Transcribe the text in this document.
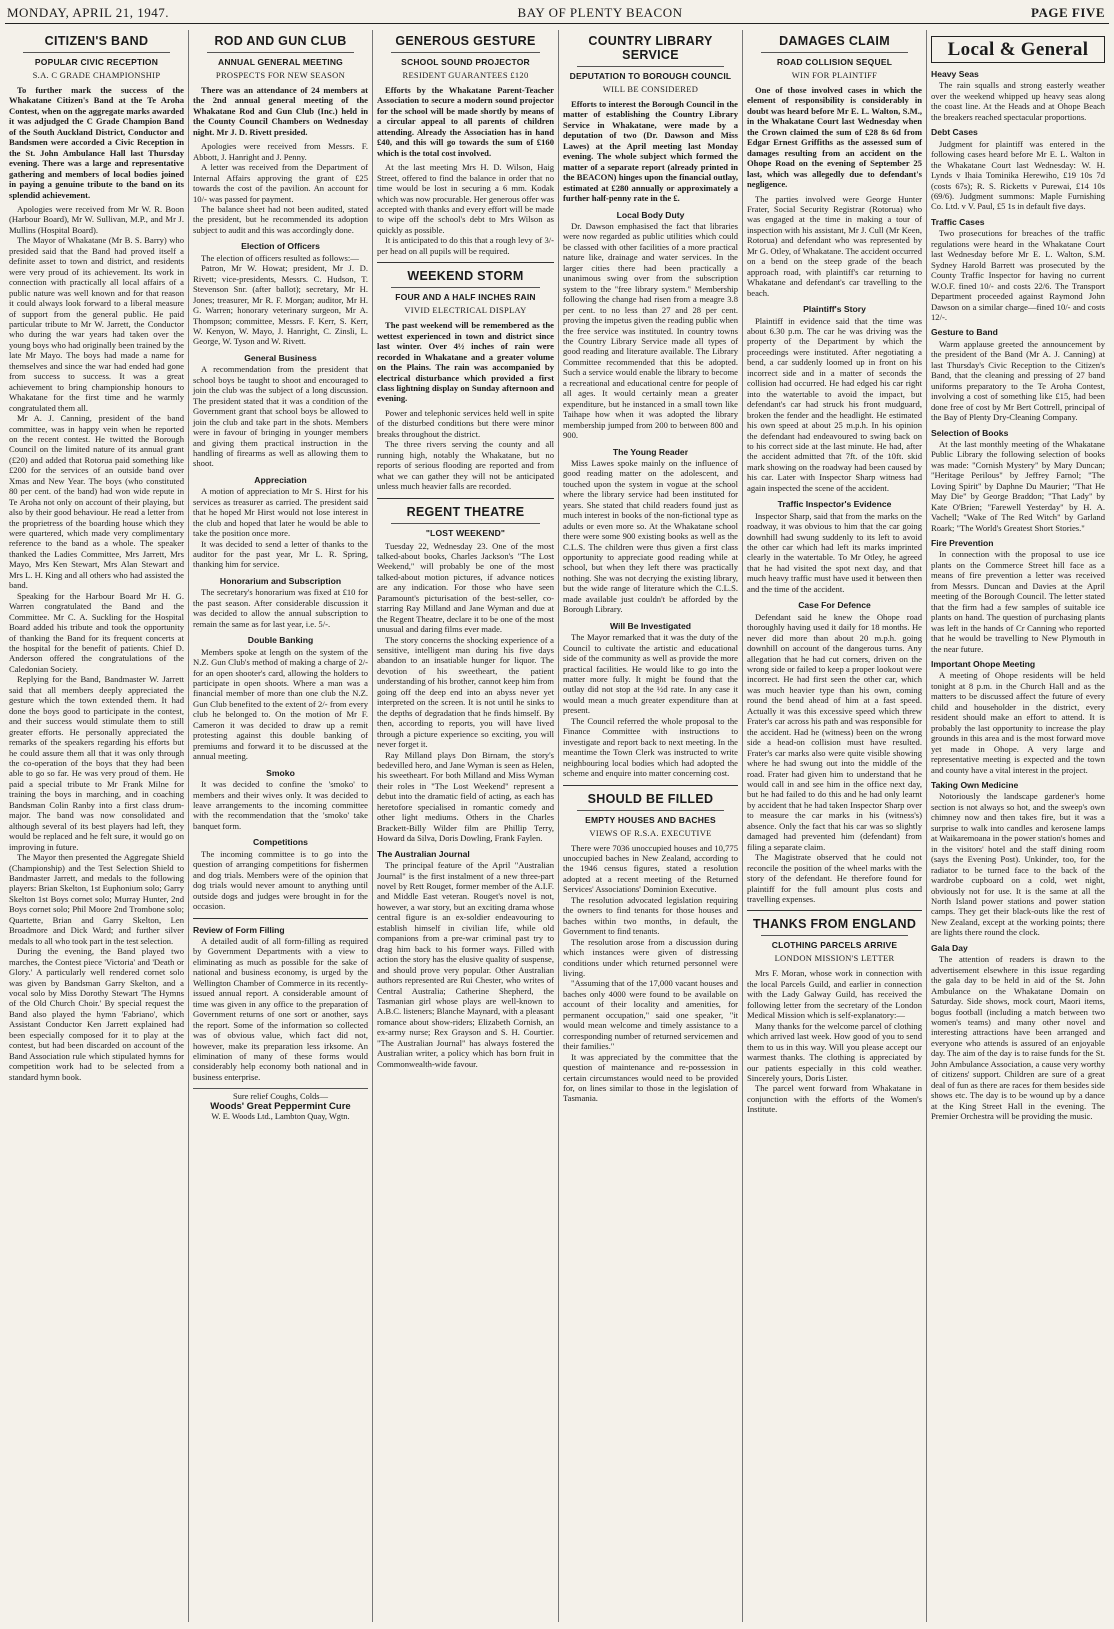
MONDAY, APRIL 21, 1947.	BAY OF PLENTY BEACON	PAGE FIVE
CITIZEN'S BAND
POPULAR CIVIC RECEPTION
S.A. C GRADE CHAMPIONSHIP
To further mark the success of the Whakatane Citizen's Band at the Te Aroha Contest, when on the aggregate marks awarded it was adjudged the C Grade Champion Band of the South Auckland District, Conductor and Bandsmen were accorded a Civic Reception in the St. John Ambulance Hall last Thursday evening. There was a large and representative gathering and members of local bodies joined in paying a genuine tribute to the band on its splendid achievement.
Apologies were received from Mr W. R. Boon (Harbour Board), Mr W. Sullivan, M.P., and Mr J. Mullins (Hospital Board).
The Mayor of Whakatane (Mr B. S. Barry) who presided said that the Band had proved itself a definite asset to town and district, and residents were very proud of its achievement. Its work in connection with practically all local affairs of a public nature was well known and for that reason it could always look forward to a liberal measure of support from the general public. He paid particular tribute to Mr W. Jarrett, the Conductor who during the war years had taken over the young boys who had originally been trained by the late Mr Mayo. The boys had made a name for themselves and since the war had ended had gone from success to success. It was a great achievement to bring championship honours to Whakatane for the first time and he warmly congratulated them all.
Mr A. J. Canning, president of the band committee, was in happy vein when he reported on the recent contest. He twitted the Borough Council on the limited nature of its annual grant (£20) and added that Rotorua paid something like £200 for the services of an outside band over Xmas and New Year. The boys (who constituted 80 per cent. of the band) had won wide repute in Te Aroha not only on account of their playing, but also by their good behaviour. He read a letter from the proprietress of the boarding house which they were quartered, which made very complimentary reference to the band as a whole. The speaker thanked the Ladies Committee, Mrs Jarrett, Mrs Mayo, Mrs Ken Stewart, Mrs Alan Stewart and Mrs L. H. King and all others who had assisted the band.
Speaking for the Harbour Board Mr H. G. Warren congratulated the Band and the Committee. Mr C. A. Suckling for the Hospital Board added his tribute and took the opportunity of thanking the Band for its frequent concerts at the hospital for the benefit of patients. Chief D. Anderson offered the congratulations of the Caledonian Society.
Replying for the Band, Bandmaster W. Jarrett said that all members deeply appreciated the gesture which the town extended them. It had done the boys good to participate in the contest, and their success would stimulate them to still greater efforts. He personally appreciated the remarks of the speakers regarding his efforts but he could assure them all that it was only through the co-operation of the boys that they had been able to go so far. He was very proud of them. He paid a special tribute to Mr Frank Milne for training the boys in marching, and in coaching Bandsman Colin Ranby into a first class drum-major. The band was now consolidated and although several of its best players had left, they would be replaced and he felt sure, it would go on improving in future.
The Mayor then presented the Aggregate Shield (Championship) and the Test Selection Shield to Bandmaster Jarrett, and medals to the following players: Brian Skelton, 1st Euphonium solo; Garry Skelton 1st Boys cornet solo; Murray Hunter, 2nd Boys cornet solo; Phil Moore 2nd Trombone solo; Quartette, Brian and Garry Skelton, Len Broadmore and Dick Ward; and further silver medals to all who took part in the test selection.
During the evening, the Band played two marches, the Contest piece 'Victoria' and 'Death or Glory.' A particularly well rendered cornet solo was given by Bandsman Garry Skelton, and a vocal solo by Miss Dorothy Stewart 'The Hymns of the Old Church Choir.' By special request the Band also played the hymn 'Fabriano', which Assistant Conductor Ken Jarrett explained had been especially composed for it to play at the contest, but had been discarded on account of the Band Association rule which stipulated hymns for competition work had to be selected from a standard hymn book.
ROD AND GUN CLUB
ANNUAL GENERAL MEETING
PROSPECTS FOR NEW SEASON
There was an attendance of 24 members at the 2nd annual general meeting of the Whakatane Rod and Gun Club (Inc.) held in the County Council Chambers on Wednesday night. Mr J. D. Rivett presided.
Apologies were received from Messrs. F. Abbott, J. Hanright and J. Penny.
A letter was received from the Department of Internal Affairs approving the grant of £25 towards the cost of the pavilion. An account for 10/- was passed for payment.
The balance sheet had not been audited, stated the president, but he recommended its adoption subject to audit and this was accordingly done.
Election of Officers
The election of officers resulted as follows:—
Patron, Mr W. Howat; president, Mr J. D. Rivett; vice-presidents, Messrs. C. Hudson, T. Stevenson Snr. (after ballot); secretary, Mr H. Jones; treasurer, Mr R. F. Morgan; auditor, Mr H. G. Warren; honorary veterinary surgeon, Mr A. Thompson; committee, Messrs. F. Kerr, S. Kerr, W. Kenyon, W. Mayo, J. Hanright, C. Zinsli, L. George, W. Tyson and W. Rivett.
General Business
A recommendation from the president that school boys be taught to shoot and encouraged to join the club was the subject of a long discussion. The president stated that it was a condition of the Government grant that school boys be allowed to join the club and take part in the shots. Members were in favour of bringing in younger members and giving them practical instruction in the handling of firearms as well as allowing them to shoot.
Appreciation
A motion of appreciation to Mr S. Hirst for his services as treasurer as carried. The president said that he hoped Mr Hirst would not lose interest in the club and hoped that later he would be able to take the position once more.
It was decided to send a letter of thanks to the auditor for the past year, Mr L. R. Spring, thanking him for service.
Honorarium and Subscription
The secretary's honorarium was fixed at £10 for the past season. After considerable discussion it was decided to allow the annual subscription to remain the same as for last year, i.e. 5/-.
Double Banking
Members spoke at length on the system of the N.Z. Gun Club's method of making a charge of 2/- for an open shooter's card, allowing the holders to participate in open shoots. Where a man was a financial member of more than one club the N.Z. Gun Club benefited to the extent of 2/- from every club he belonged to. On the motion of Mr F. Cameron it was decided to draw up a remit protesting against this double banking of premiums and forward it to be discussed at the annual meeting.
Smoko
It was decided to confine the 'smoko' to members and their wives only. It was decided to leave arrangements to the incoming committee with the recommendation that the 'smoko' take banquet form.
Competitions
The incoming committee is to go into the question of arranging competitions for fishermen and dog trials. Members were of the opinion that dog trials would never amount to anything until outside dogs and judges were brought in for the occasion.
Review of Form Filling
A detailed audit of all form-filling as required by Government Departments with a view to eliminating as much as possible for the sake of national and business economy, is urged by the Wellington Chamber of Commerce in its recently-issued annual report. A considerable amount of time was given in any office to the preparation of Government returns of one sort or another, says the report. Some of the information so collected was of obvious value, which fact did not, however, make its preparation less irksome. An elimination of many of these forms would considerably help economy both national and in business enterprise.
Sure relief Coughs, Colds—
Woods' Great Peppermint Cure
W. E. Woods Ltd., Lambton Quay, Wgtn.
GENEROUS GESTURE
SCHOOL SOUND PROJECTOR
RESIDENT GUARANTEES £120
Efforts by the Whakatane Parent-Teacher Association to secure a modern sound projector for the school will be made shortly by means of a circular appeal to all parents of children attending. Already the Association has in hand £40, and this will go towards the sum of £160 which is the total cost involved.
At the last meeting Mrs H. D. Wilson, Haig Street, offered to find the balance in order that no time would be lost in securing a 6 mm. Kodak which was now procurable. Her generous offer was accepted with thanks and every effort will be made to wipe off the school's debt to Mrs Wilson as quickly as possible.
It is anticipated to do this that a rough levy of 3/- per head on all pupils will be required.
WEEKEND STORM
FOUR AND A HALF INCHES RAIN
VIVID ELECTRICAL DISPLAY
The past weekend will be remembered as the wettest experienced in town and district since last winter. Over 4½ inches of rain were recorded in Whakatane and a greater volume on the Plains. The rain was accompanied by electrical disturbance which provided a first class lightning display on Sunday afternoon and evening.
Power and telephonic services held well in spite of the disturbed conditions but there were minor breaks throughout the district.
The three rivers serving the county and all running high, notably the Whakatane, but no reports of serious flooding are reported and from what we can gather they will not be anticipated unless much heavier falls are recorded.
REGENT THEATRE
"LOST WEEKEND"
Tuesday 22, Wednesday 23. One of the most talked-about books, Charles Jackson's "The Lost Weekend," will probably be one of the most talked-about motion pictures, if advance notices are any indication. For those who have seen Paramount's picturisation of the best-seller, co-starring Ray Milland and Jane Wyman and due at the Regent Theatre, declare it to be one of the most unusual and daring films ever made.
The story concerns the shocking experience of a sensitive, intelligent man during his five days abandon to an insatiable hunger for liquor. The devotion of his sweetheart, the patient understanding of his brother, cannot keep him from going off the deep end into an abyss never yet interpreted on the screen. It is not until he sinks to the depths of degradation that he finds himself. By then, according to reports, you will have lived through a picture experience so exciting, you will never forget it.
Ray Milland plays Don Birnam, the story's bedevilled hero, and Jane Wyman is seen as Helen, his sweetheart. For both Milland and Miss Wyman their roles in "The Lost Weekend" represent a debut into the dramatic field of acting, as each has heretofore specialised in romantic comedy and other light mediums. Others in the Charles Brackett-Billy Wilder film are Phillip Terry, Howard da Silva, Doris Dowling, Frank Faylen.
The Australian Journal
The principal feature of the April "Australian Journal" is the first instalment of a new three-part novel by Rett Rouget, former member of the A.I.F. and Middle East veteran. Rouget's novel is not, however, a war story, but an exciting drama whose central figure is an ex-soldier endeavouring to establish himself in civilian life, while old companions from a pre-war criminal past try to drag him back to his former ways. Filled with action the story has the elusive quality of suspense, and should prove very popular. Other Australian authors represented are Rui Chester, who writes of Central Australia; Catherine Shepherd, the Tasmanian girl whose plays are well-known to A.B.C. listeners; Blanche Maynard, with a pleasant romance about show-riders; Elizabeth Cornish, an ex-army nurse; Rex Grayson and S. H. Courtier. "The Australian Journal" has always fostered the Australian writer, a policy which has born fruit in Commonwealth-wide favour.
COUNTRY LIBRARY SERVICE
DEPUTATION TO BOROUGH COUNCIL
WILL BE CONSIDERED
Efforts to interest the Borough Council in the matter of establishing the Country Library Service in Whakatane, were made by a deputation of two (Dr. Dawson and Miss Lawes) at the April meeting last Monday evening. The whole subject which formed the matter of a separate report (already printed in the BEACON) hinges upon the financial outlay, estimated at £280 annually or approximately a further half-penny rate in the £.
Local Body Duty
Dr. Dawson emphasised the fact that libraries were now regarded as public utilities which could be classed with other facilities of a more practical nature like, drainage and water services. In the larger cities there had been practically a unanimous swing over from the subscription system to the "free library system." Membership following the change had risen from a meagre 3.8 per cent. to no less than 27 and 28 per cent. proving the impetus given the reading public when the free service was instituted. In country towns the Country Library Service made all types of good reading and literature available. The Library Committee recommended that this be adopted. Such a service would enable the library to become a recreational and educational centre for people of all ages. It would certainly mean a greater expenditure, but he instanced in a small town like Taihape how when it was adopted the library membership jumped from 200 to between 800 and 900.
The Young Reader
Miss Lawes spoke mainly on the influence of good reading matter on the adolescent, and touched upon the system in vogue at the school where the library service had been instituted for years. She stated that child readers found just as much interest in books of the non-fictional type as adults or even more so. At the Whakatane school there were some 900 existing books as well as the C.L.S. The children were thus given a first class opportunity to appreciate good reading while at school, but when they left there was practically nothing. She was not decrying the existing library, but the wide range of literature which the C.L.S. made available just couldn't be afforded by the Borough Library.
Will Be Investigated
The Mayor remarked that it was the duty of the Council to cultivate the artistic and educational side of the community as well as provide the more practical facilities. He would like to go into the matter more fully. It might be found that the outlay did not stop at the ½d rate. In any case it would mean a much greater expenditure than at present.
The Council referred the whole proposal to the Finance Committee with instructions to investigate and report back to next meeting. In the meantime the Town Clerk was instructed to write neighbouring local bodies which had adopted the scheme and enquire into matter concerning cost.
SHOULD BE FILLED
EMPTY HOUSES AND BACHES
VIEWS OF R.S.A. EXECUTIVE
There were 7036 unoccupied houses and 10,775 unoccupied baches in New Zealand, according to the 1946 census figures, stated a resolution adopted at a recent meeting of the Returned Services' Associations' Dominion Executive.
The resolution advocated legislation requiring the owners to find tenants for those houses and baches within two months, in default, the Government to find tenants.
The resolution arose from a discussion during which instances were given of distressing conditions under which returned personnel were living.
"Assuming that of the 17,000 vacant houses and baches only 4000 were found to be available on account of their locality and amenities, for permanent occupation," said one speaker, "it would mean welcome and timely assistance to a corresponding number of returned servicemen and their families."
It was appreciated by the committee that the question of maintenance and re-possession in certain circumstances would need to be provided for, on lines similar to those in the legislation of Tasmania.
DAMAGES CLAIM
ROAD COLLISION SEQUEL
WIN FOR PLAINTIFF
One of those involved cases in which the element of responsibility is considerably in doubt was heard before Mr E. L. Walton, S.M., in the Whakatane Court last Wednesday when the Crown claimed the sum of £28 8s 6d from Edgar Ernest Griffiths as the assessed sum of damages resulting from an accident on the Ohope Road on the evening of September 25 last, which was allegedly due to defendant's negligence.
The parties involved were George Hunter Frater, Social Security Registrar (Rotorua) who was engaged at the time in making a tour of inspection with his assistant, Mr J. Cull (Mr Keen, Rotorua) and defendant who was represented by Mr G. Otley, of Whakatane. The accident occurred on a bend on the steep grade of the beach approach road, with plaintiff's car returning to Whakatane and defendant's car travelling to the beach.
Plaintiff's Story
Plaintiff in evidence said that the time was about 6.30 p.m. The car he was driving was the property of the Department by which the proceedings were instituted. After negotiating a bend, a car suddenly loomed up in front on his incorrect side and in a matter of seconds the collision had occurred. He had edged his car right into the watertable to avoid the impact, but defendant's car had struck his front mudguard, broken the fender and the headlight. He estimated his own speed at about 25 m.p.h. In his opinion the defendant had endeavoured to swing back on to his correct side at the last minute. He had, after the accident admitted that 7ft. of the 10ft. skid mark showing on the roadway had been caused by his car. Later with Inspector Sharp witness had again inspected the scene of the accident.
Traffic Inspector's Evidence
Inspector Sharp, said that from the marks on the roadway, it was obvious to him that the car going downhill had swung suddenly to its left to avoid the other car which had left its marks imprinted clearly in the watertable. To Mr Otley, he agreed that he had visited the spot next day, and that much heavy traffic must have used it between then and the time of the accident.
Case For Defence
Defendant said he knew the Ohope road thoroughly having used it daily for 18 months. He never did more than about 20 m.p.h. going downhill on account of the dangerous turns. Any allegation that he had cut corners, driven on the wrong side or failed to keep a proper lookout were incorrect. He had first seen the other car, which was much heavier type than his own, coming round the bend ahead of him at a fast speed. Actually it was this excessive speed which threw Frater's car across his path and was responsible for the accident. Had he (witness) been on the wrong side a head-on collision must have resulted. Frater's car marks also were quite visible showing where he had swung out into the middle of the road. Frater had given him to understand that he would call in and see him in the office next day, but he had failed to do this and he had only learnt by accident that he had taken Inspector Sharp over to measure the car marks in his (witness's) absence. Only the fact that his car was so slightly damaged had prevented him (defendant) from filing a separate claim.
The Magistrate observed that he could not reconcile the position of the wheel marks with the story of the defendant. He therefore found for plaintiff for the full amount plus costs and travelling expenses.
THANKS FROM ENGLAND
CLOTHING PARCELS ARRIVE
LONDON MISSION'S LETTER
Mrs F. Moran, whose work in connection with the local Parcels Guild, and earlier in connection with the Lady Galway Guild, has received the following letter from the secretary of the London Medical Mission which is self-explanatory:—
Many thanks for the welcome parcel of clothing which arrived last week. How good of you to send them to us in this way. Will you please accept our warmest thanks. The clothing is appreciated by our patients especially in this cold weather. Sincerely yours, Doris Lister.
The parcel went forward from Whakatane in conjunction with the efforts of the Women's Institute.
Local & General
Heavy Seas
The rain squalls and strong easterly weather over the weekend whipped up heavy seas along the coast line. At the Heads and at Ohope Beach the breakers reached spectacular proportions.
Debt Cases
Judgment for plaintiff was entered in the following cases heard before Mr E. L. Walton in the Whakatane Court last Wednesday: W. H. Lynds v Ihaia Tominika Herewiho, £19 10s 7d (costs 67s); R. S. Ricketts v Purewai, £14 10s (69/6). Judgment summons: Maple Furnishing Co. Ltd. v V. Paul, £5 1s in default five days.
Traffic Cases
Two prosecutions for breaches of the traffic regulations were heard in the Whakatane Court last Wednesday before Mr E. L. Walton, S.M. Sydney Harold Barrett was prosecuted by the County Traffic Inspector for having no current W.O.F. fined 10/- and costs 22/6. The Transport Department proceeded against Raymond John Dawson on a similar charge—fined 10/- and costs 12/-.
Gesture to Band
Warm applause greeted the announcement by the president of the Band (Mr A. J. Canning) at last Thursday's Civic Reception to the Citizen's Band, that the cleaning and pressing of 27 band uniforms preparatory to the Te Aroha Contest, involving a cost of something like £15, had been done free of cost by Mr Bert Cottrell, principal of the Bay of Plenty Dry-Cleaning Company.
Selection of Books
At the last monthly meeting of the Whakatane Public Library the following selection of books was made: "Cornish Mystery" by Mary Duncan; "Heritage Perilous" by Jeffrey Farnol; "The Loving Spirit" by Daphne Du Maurier; "That He May Die" by George Braddon; "That Lady" by Kate O'Brien; "Farewell Yesterday" by H. A. Vachell; "Wake of The Red Witch" by Garland Roark; "The World's Greatest Short Stories."
Fire Prevention
In connection with the proposal to use ice plants on the Commerce Street hill face as a means of fire prevention a letter was received from Messrs. Duncan and Davies at the April meeting of the Borough Council. The letter stated that the firm had a few samples of suitable ice plants on hand. The question of purchasing plants was left in the hands of Cr Canning who reported that he would be travelling to New Plymouth in the near future.
Important Ohope Meeting
A meeting of Ohope residents will be held tonight at 8 p.m. in the Church Hall and as the matters to be discussed affect the future of every child and householder in the district, every resident should make an effort to attend. It is probably the last opportunity to increase the play grounds in this area and is the most forward move yet made in Ohope. A very large and representative meeting is expected and the town and county have a vital interest in the project.
Taking Own Medicine
Notoriously the landscape gardener's home section is not always so hot, and the sweep's own chimney now and then takes fire, but it was a surprise to walk into candles and kerosene lamps at Waikaremoana in the power station's homes and in the visitors' hotel and the staff dining room (says the Evening Post). Unkinder, too, for the radiator to be turned face to the back of the wardrobe cupboard on a cold, wet night, obviously not for use. It is the same at all the North Island power stations and power station camps. They get their black-outs like the rest of New Zealand, except at the working points; there are lights there round the clock.
Gala Day
The attention of readers is drawn to the advertisement elsewhere in this issue regarding the gala day to be held in aid of the St. John Ambulance on the Whakatane Domain on Saturday. Side shows, mock court, Maori items, bogus football (including a match between two women's teams) and many other novel and interesting attractions have been arranged and everyone who attends is assured of an enjoyable day. The aim of the day is to raise funds for the St. John Ambulance Association, a cause very worthy of citizens' support. Children are sure of a great deal of fun as there are races for them besides side shows etc. The day is to be wound up by a dance at the King Street Hall in the evening. The Premier Orchestra will be providing the music.
